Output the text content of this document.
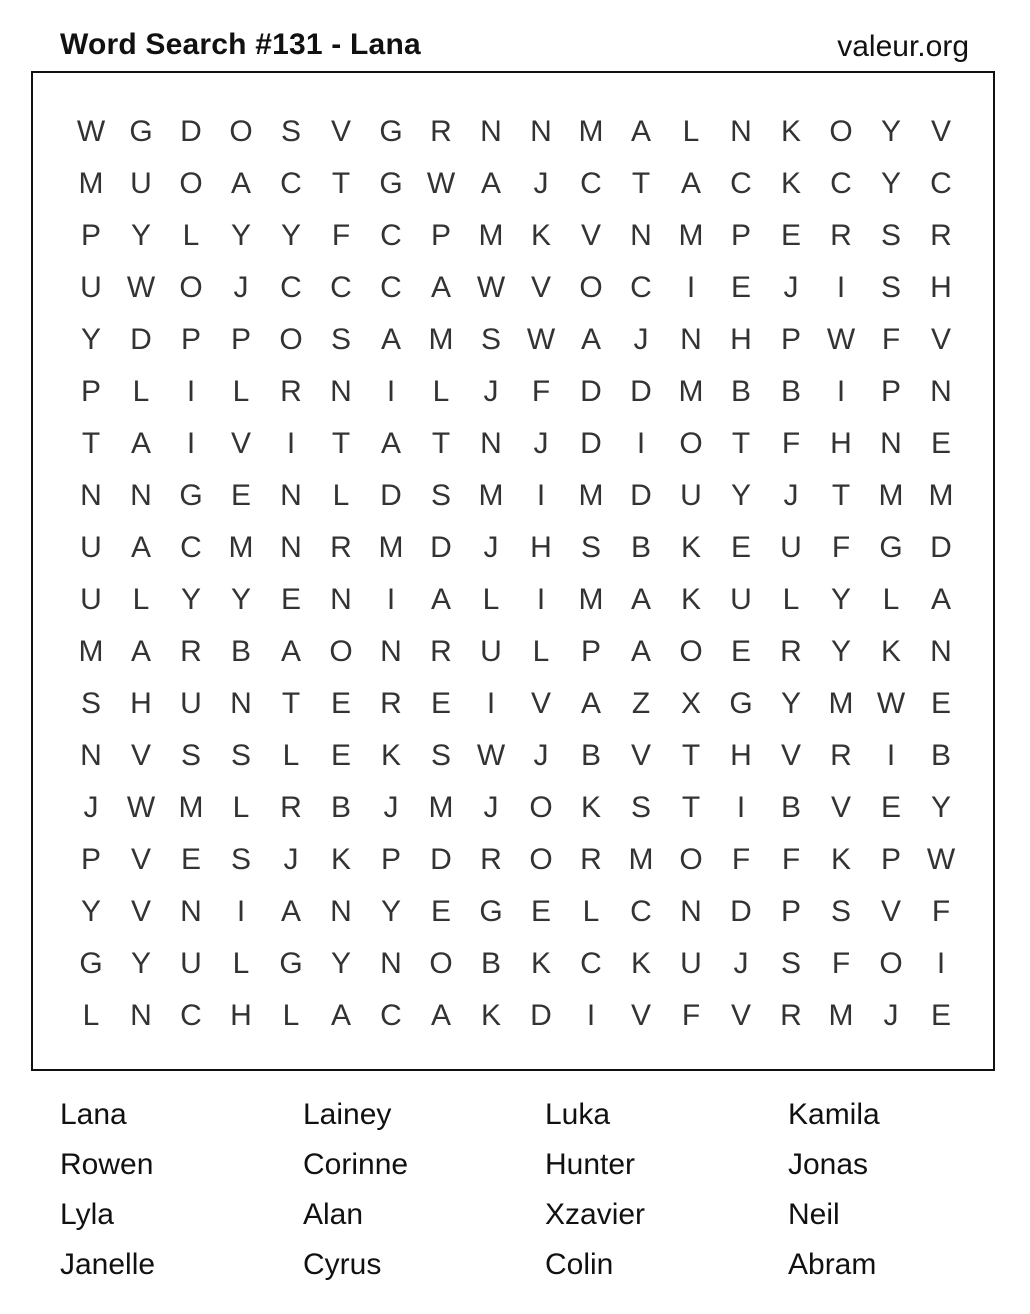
Word Search #131 - Lana	valeur.org
W G D O S V G R N N M A	L	N K O Y V
M U O A C	T G W A	J	C	T	A C K C Y C
P Y	L	Y Y	F	C P M K V N M P E R S R
U W O	J	C C C A W V O C	I	E	J	I	S H
Y D P P O S A M S W A	J	N H P W F	V
P	L	I	L	R N	I	L	J	F	D D M B B	I	P N
T	A	I	V	I	T	A	T	N	J	D	I	O T	F	H N E
N N G E N	L	D S M	I	M D U Y	J	T M M
U A C M N R M D	J	H S B K E U	F G D
U	L	Y Y E N	I	A	L	I	M A K U	L	Y	L	A
M A R B A O N R U	L	P A O E R Y K N
S H U N	T	E R E	I	V A	Z	X G Y M W E
N V S S	L	E K S W J	B V	T	H V R	I	B
J W M L	R B	J	M	J	O K S	T	I	B V E Y
P V E S	J	K P D R O R M O F	F	K P W
Y V N	I	A N Y E G E	L	C N D P S V	F
G Y U	L G Y N O B K C K U	J	S	F O	I
L	N C H	L	A C A K D	I	V	F	V R M	J	E
Lana	Lainey	Luka	Kamila
Rowen	Corinne	Hunter	Jonas
Lyla	Alan	Xzavier	Neil
Janelle	Cyrus	Colin	Abram
